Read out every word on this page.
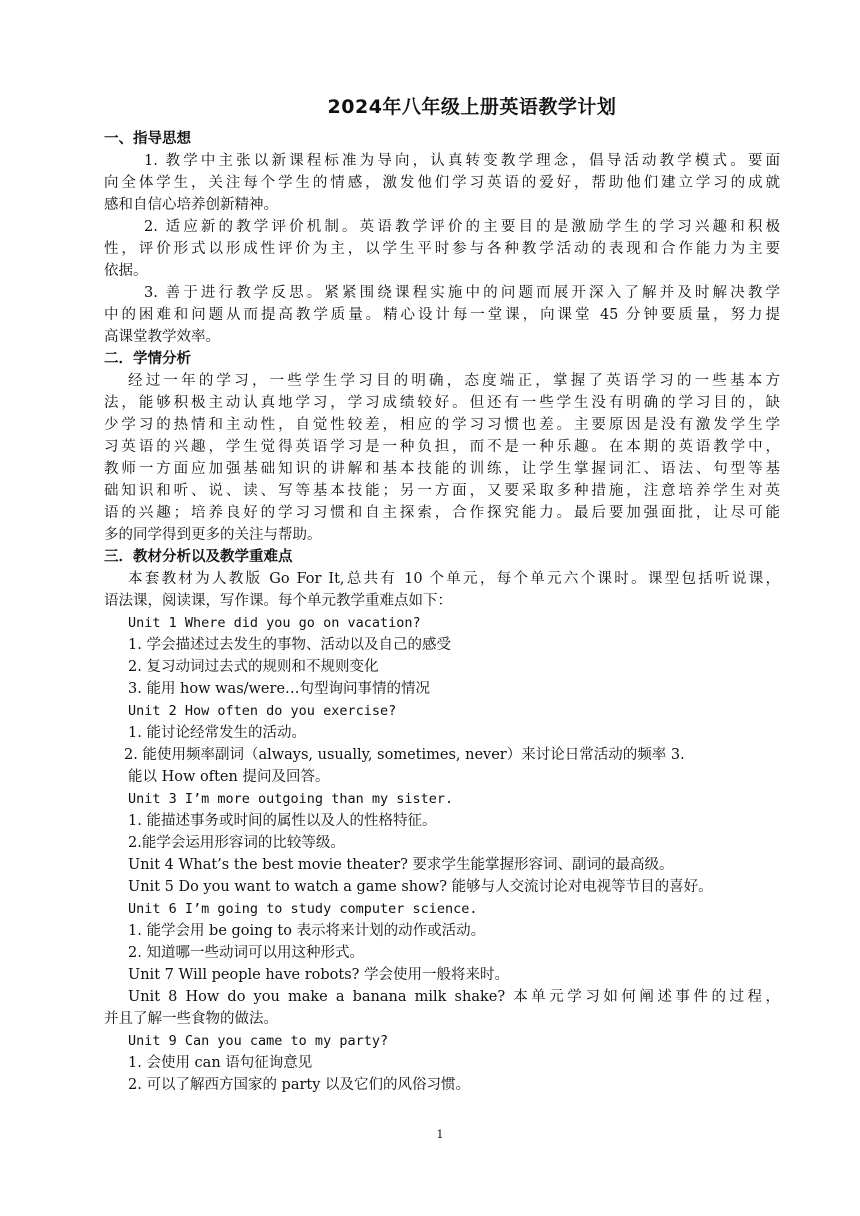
2024年八年级上册英语教学计划
一、指导思想
1. 教学中主张以新课程标准为导向，认真转变教学理念，倡导活动教学模式。要面
向全体学生，关注每个学生的情感，激发他们学习英语的爱好，帮助他们建立学习的成就
感和自信心培养创新精神。
2. 适应新的教学评价机制。英语教学评价的主要目的是激励学生的学习兴趣和积极
性，评价形式以形成性评价为主，以学生平时参与各种教学活动的表现和合作能力为主要
依据。
3. 善于进行教学反思。紧紧围绕课程实施中的问题而展开深入了解并及时解决教学
中的困难和问题从而提高教学质量。精心设计每一堂课，向课堂 45 分钟要质量，努力提
高课堂教学效率。
二．学情分析
经过一年的学习，一些学生学习目的明确，态度端正，掌握了英语学习的一些基本方
法，能够积极主动认真地学习，学习成绩较好。但还有一些学生没有明确的学习目的，缺
少学习的热情和主动性，自觉性较差，相应的学习习惯也差。主要原因是没有激发学生学
习英语的兴趣，学生觉得英语学习是一种负担，而不是一种乐趣。在本期的英语教学中，
教师一方面应加强基础知识的讲解和基本技能的训练，让学生掌握词汇、语法、句型等基
础知识和听、说、读、写等基本技能；另一方面，又要采取多种措施，注意培养学生对英
语的兴趣；培养良好的学习习惯和自主探索，合作探究能力。最后要加强面批，让尽可能
多的同学得到更多的关注与帮助。
三．教材分析以及教学重难点
本套教材为人教版 Go For It,总共有 10 个单元，每个单元六个课时。课型包括听说课，
语法课，阅读课，写作课。每个单元教学重难点如下：
Unit 1 Where did you go on vacation?
1. 学会描述过去发生的事物、活动以及自己的感受
2. 复习动词过去式的规则和不规则变化
3. 能用 how was/were…句型询问事情的情况
Unit 2 How often do you exercise?
1. 能讨论经常发生的活动。
2. 能使用频率副词（always, usually, sometimes, never）来讨论日常活动的频率 3.
能以 How often 提问及回答。
Unit 3 I’m more outgoing than my sister.
1. 能描述事务或时间的属性以及人的性格特征。
2.能学会运用形容词的比较等级。
Unit 4 What’s the best movie theater? 要求学生能掌握形容词、副词的最高级。
Unit 5 Do you want to watch a game show? 能够与人交流讨论对电视等节目的喜好。
Unit 6 I’m going to study computer science.
1. 能学会用 be going to 表示将来计划的动作或活动。
2. 知道哪一些动词可以用这种形式。
Unit 7 Will people have robots? 学会使用一般将来时。
Unit 8 How do you make a banana milk shake? 本单元学习如何阐述事件的过程，
并且了解一些食物的做法。
Unit 9 Can you came to my party?
1. 会使用 can 语句征询意见
2. 可以了解西方国家的 party 以及它们的风俗习惯。
1
